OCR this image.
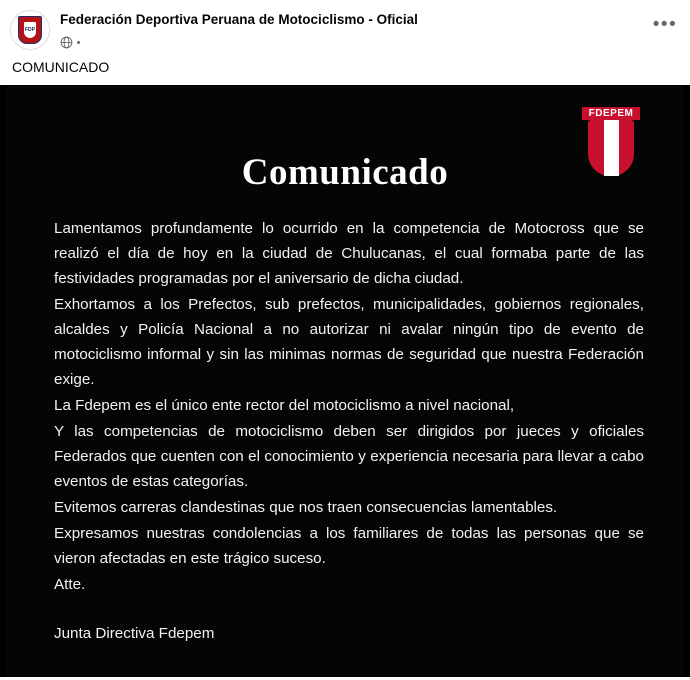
FDP
Federación Deportiva Peruana de Motociclismo - Oficial	•••
COMUNICADO
FDEPEM
Comunicado

Lamentamos profundamente lo ocurrido en la competencia de Motocross que se realizó el día de hoy en la ciudad de Chulucanas, el cual formaba parte de las festividades programadas por el aniversario de dicha ciudad.

Exhortamos a los Prefectos, sub prefectos, municipalidades, gobiernos regionales, alcaldes y Policía Nacional a no autorizar ni avalar ningún tipo de evento de motociclismo informal y sin las minimas normas de seguridad que nuestra Federación exige.

La Fdepem es el único ente rector del motociclismo a nivel nacional,

Y las competencias de motociclismo deben ser dirigidos por jueces y oficiales Federados que cuenten con el conocimiento y experiencia necesaria para llevar a cabo eventos de estas categorías.

Evitemos carreras clandestinas que nos traen consecuencias lamentables.

Expresamos nuestras condolencias a los familiares de todas las personas que se vieron afectadas en este trágico suceso.

Atte.

Junta Directiva Fdepem
